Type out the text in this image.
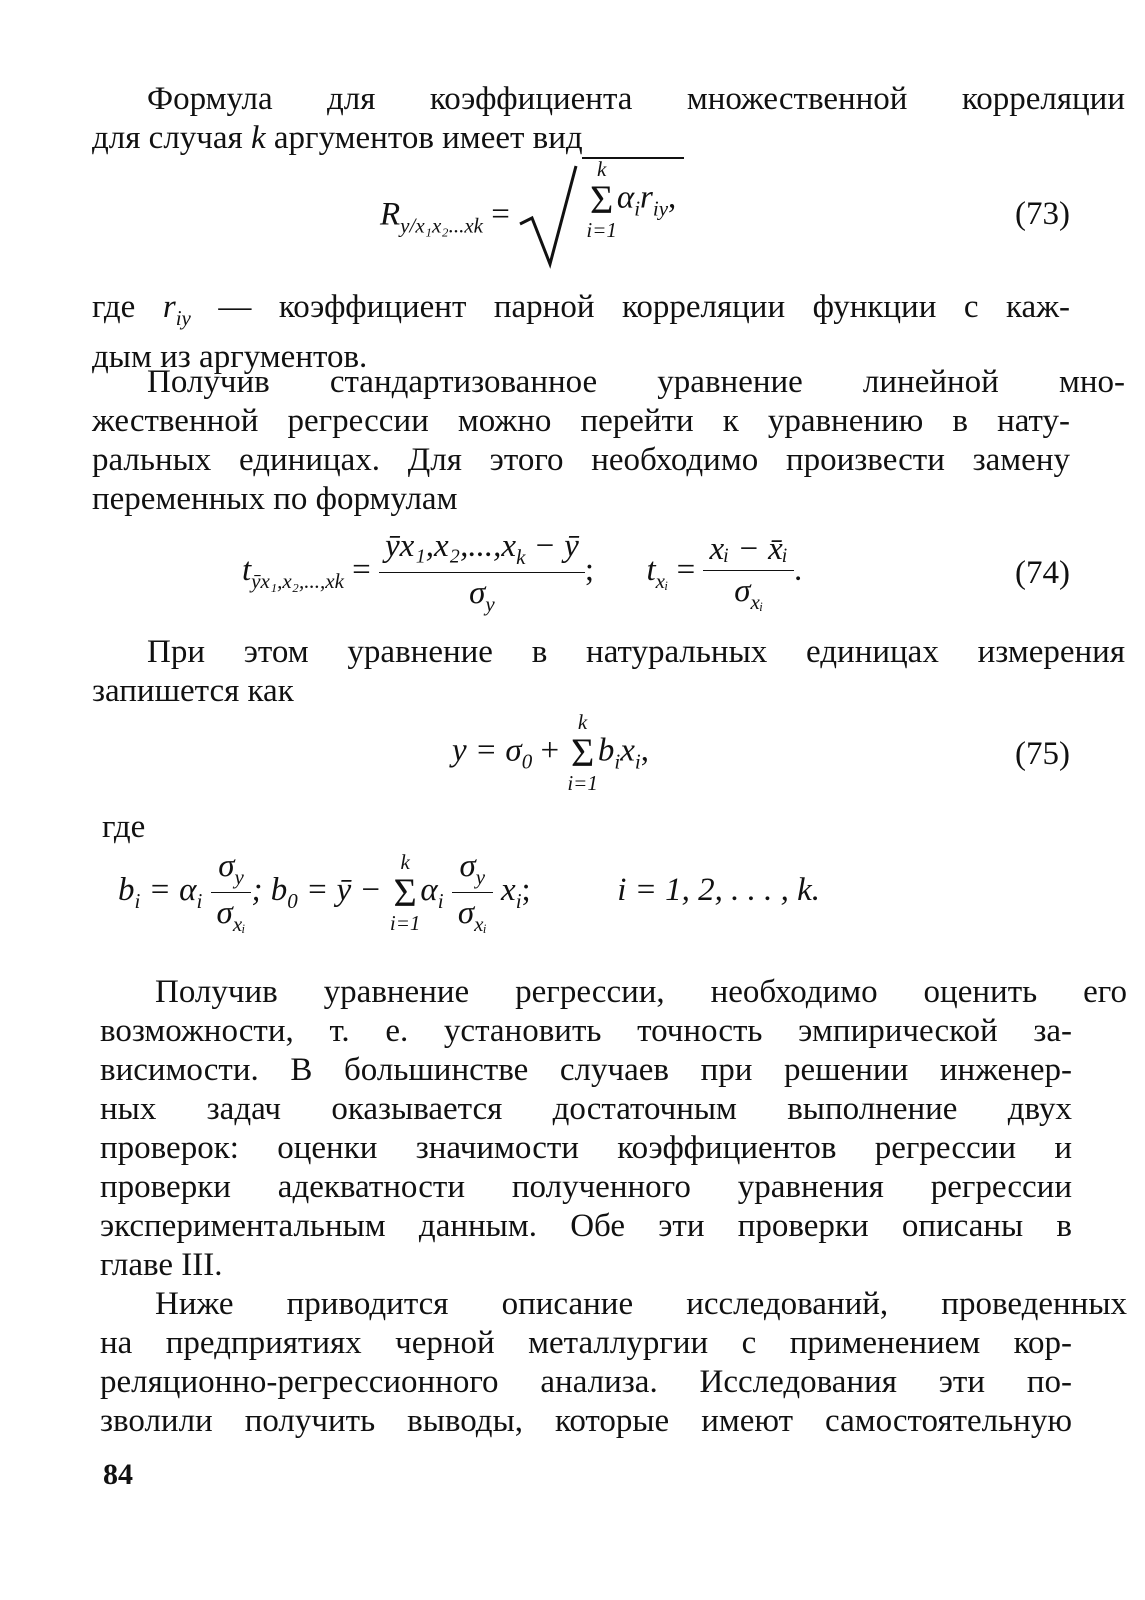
Формула для коэффициента множественной корреляции

для случая k аргументов имеет вид

$R_{y/x_1x_2...xk}$ =
k
Σ
i=1
$\alpha_ir_{iy}$,	(73)

где $r_{iy}$ — коэффициент парной корреляции функции с каж-
дым из аргументов.

Получив стандартизованное уравнение линейной мно-

жественной регрессии можно перейти к уравнению в нату-
ральных единицах. Для этого необходимо произвести замену
переменных по формулам

$t_{ȳx_1,x_2,...,xk} = \frac{ȳx_1,x_2,...,x_k - ȳ}{\sigma_y}$ ; $t_{xᵢ} = \frac{\text{xᵢ − x̄ᵢ}}{\sigma_{xᵢ}}$ .	(74)

При этом уравнение в натуральных единицах измерения

запишется как

$y = \sigma_0$ +
k
Σ
i=1
$b_ix_i$,	(75)

где

$b_i = \alpha_i \frac{\sigma_y}{\sigma_{xᵢ}}$ ; $b_0$ = ȳ −
k
Σ
i=1
$\alpha_i \frac{\sigma_y}{\sigma_{xᵢ}} x_i$;	i = 1, 2, . . . , k.

Получив уравнение регрессии, необходимо оценить его

возможности, т. е. установить точность эмпирической за-
висимости. В большинстве случаев при решении инженер-
ных задач оказывается достаточным выполнение двух
проверок: оценки значимости коэффициентов регрессии и
проверки адекватности полученного уравнения регрессии
экспериментальным данным. Обе эти проверки описаны в
главе III.

Ниже приводится описание исследований, проведенных

на предприятиях черной металлургии с применением кор-
реляционно-регрессионного анализа. Исследования эти по-
зволили получить выводы, которые имеют самостоятельную

84
